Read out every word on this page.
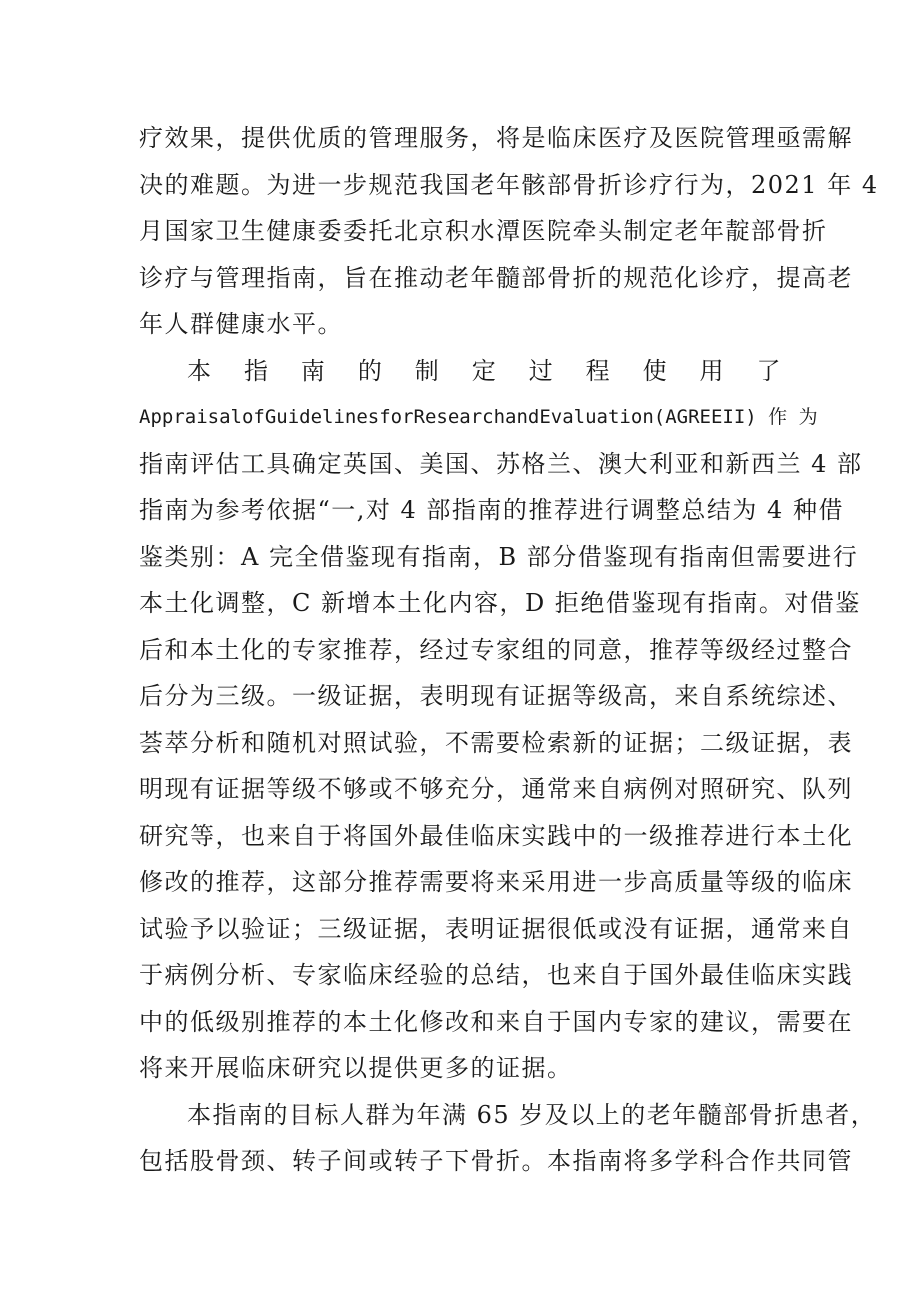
疗效果，提供优质的管理服务，将是临床医疗及医院管理亟需解
决的难题。为进一步规范我国老年骸部骨折诊疗行为，2021 年 4
月国家卫生健康委委托北京积水潭医院牵头制定老年靛部骨折
诊疗与管理指南，旨在推动老年髓部骨折的规范化诊疗，提高老
年人群健康水平。
本 指 南 的 制 定 过 程 使 用 了
AppraisalofGuidelinesforResearchandEvaluation(AGREEII) 作 为
指南评估工具确定英国、美国、苏格兰、澳大利亚和新西兰 4 部
指南为参考依据“一,对 4 部指南的推荐进行调整总结为 4 种借
鉴类别：A 完全借鉴现有指南，B 部分借鉴现有指南但需要进行
本土化调整，C 新增本土化内容，D 拒绝借鉴现有指南。对借鉴
后和本土化的专家推荐，经过专家组的同意，推荐等级经过整合
后分为三级。一级证据，表明现有证据等级高，来自系统综述、
荟萃分析和随机对照试验，不需要检索新的证据；二级证据，表
明现有证据等级不够或不够充分，通常来自病例对照研究、队列
研究等，也来自于将国外最佳临床实践中的一级推荐进行本土化
修改的推荐，这部分推荐需要将来采用进一步高质量等级的临床
试验予以验证；三级证据，表明证据很低或没有证据，通常来自
于病例分析、专家临床经验的总结，也来自于国外最佳临床实践
中的低级别推荐的本土化修改和来自于国内专家的建议，需要在
将来开展临床研究以提供更多的证据。
本指南的目标人群为年满 65 岁及以上的老年髓部骨折患者，
包括股骨颈、转子间或转子下骨折。本指南将多学科合作共同管
